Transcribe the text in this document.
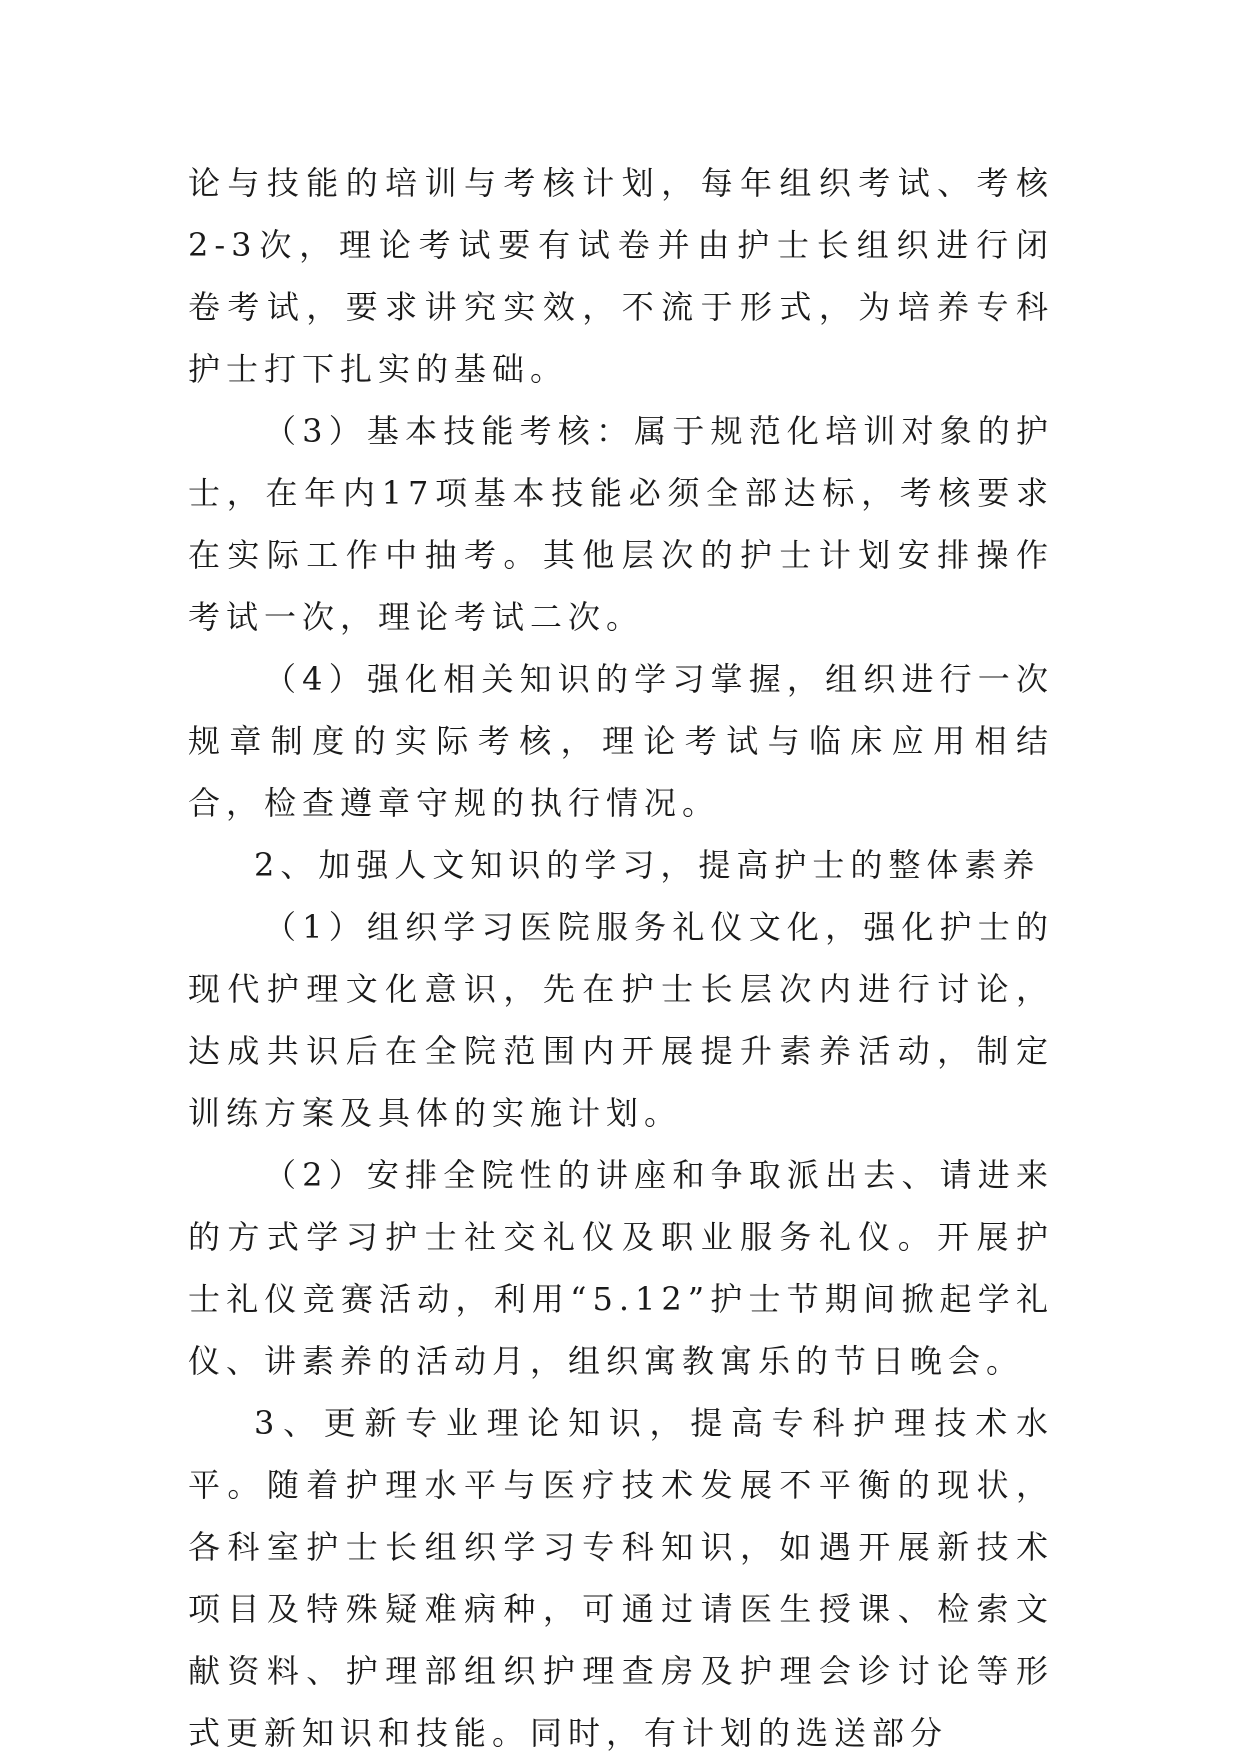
论与技能的培训与考核计划，每年组织考试、考核2-3次，理论考试要有试卷并由护士长组织进行闭卷考试，要求讲究实效，不流于形式，为培养专科护士打下扎实的基础。

（3）基本技能考核：属于规范化培训对象的护士，在年内17项基本技能必须全部达标，考核要求在实际工作中抽考。其他层次的护士计划安排操作考试一次，理论考试二次。

（4）强化相关知识的学习掌握，组织进行一次规章制度的实际考核，理论考试与临床应用相结合，检查遵章守规的执行情况。

2、加强人文知识的学习，提高护士的整体素养

（1）组织学习医院服务礼仪文化，强化护士的现代护理文化意识，先在护士长层次内进行讨论，达成共识后在全院范围内开展提升素养活动，制定训练方案及具体的实施计划。

（2）安排全院性的讲座和争取派出去、请进来的方式学习护士社交礼仪及职业服务礼仪。开展护士礼仪竞赛活动，利用“5.12”护士节期间掀起学礼仪、讲素养的活动月，组织寓教寓乐的节日晚会。

3、更新专业理论知识，提高专科护理技术水平。随着护理水平与医疗技术发展不平衡的现状，各科室护士长组织学习专科知识，如遇开展新技术项目及特殊疑难病种，可通过请医生授课、检索文献资料、护理部组织护理查房及护理会诊讨论等形式更新知识和技能。同时，有计划的选送部分
